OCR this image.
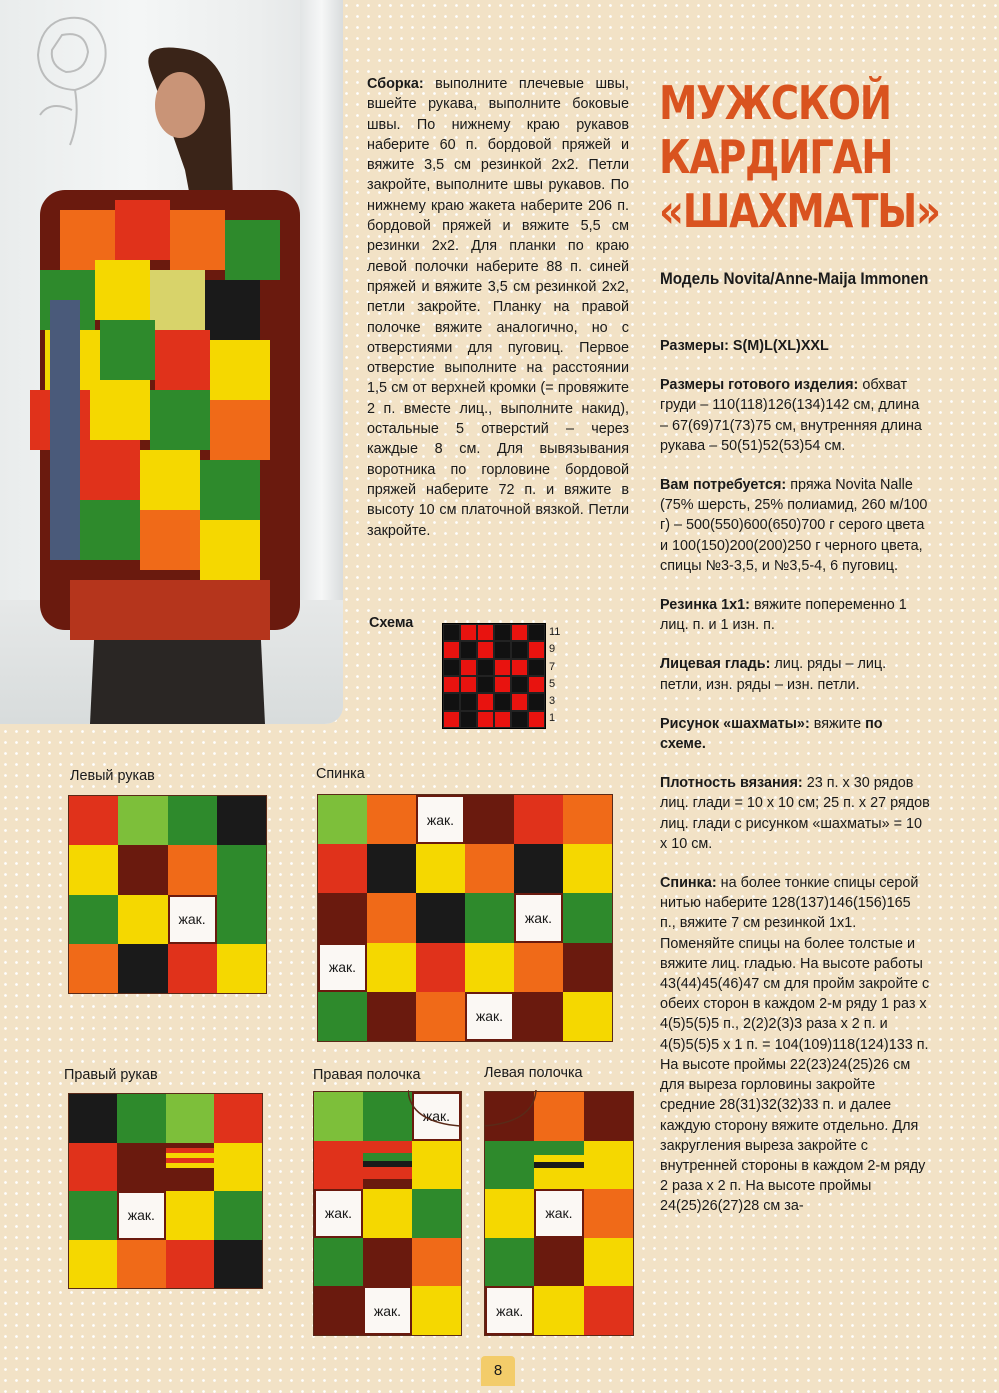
Сборка: выполните плечевые швы, вшейте рукава, выполните боковые швы. По нижнему краю рукавов наберите 60 п. бордовой пряжей и вяжите 3,5 см резинкой 2х2. Петли закройте, выполните швы рукавов. По нижнему краю жакета наберите 206 п. бордовой пряжей и вяжите 5,5 см резинки 2х2. Для планки по краю левой полочки наберите 88 п. синей пряжей и вяжите 3,5 см резинкой 2х2, петли закройте. Планку на правой полочке вяжите аналогично, но с отверстиями для пуговиц. Первое отверстие выполните на расстоянии 1,5 см от верхней кромки (= провяжите 2 п. вместе лиц., выполните накид), остальные 5 отверстий – через каждые 8 см. Для вывязывания воротника по горловине бордовой пряжей наберите 72 п. и вяжите в высоту 10 см платочной вязкой. Петли закройте.
МУЖСКОЙ
КАРДИГАН
«ШАХМАТЫ»
Модель Novita/Anne-Maija Immonen

Размеры: S(M)L(XL)XXL

Размеры готового изделия: обхват груди – 110(118)126(134)142 см, длина – 67(69)71(73)75 см, внутренняя длина рукава – 50(51)52(53)54 см.

Вам потребуется: пряжа Novita Nalle (75% шерсть, 25% полиамид, 260 м/100 г) – 500(550)600(650)700 г серого цвета и 100(150)200(200)250 г черного цвета, спицы №3-3,5, и №3,5-4, 6 пуговиц.

Резинка 1х1: вяжите попеременно 1 лиц. п. и 1 изн. п.

Лицевая гладь: лиц. ряды – лиц. петли, изн. ряды – изн. петли.

Рисунок «шахматы»: вяжите по схеме.

Плотность вязания: 23 п. х 30 рядов лиц. глади = 10 х 10 см; 25 п. х 27 рядов лиц. глади с рисунком «шахматы» = 10 х 10 см.

Спинка: на более тонкие спицы серой нитью наберите 128(137)146(156)165 п., вяжите 7 см резинкой 1х1. Поменяйте спицы на более толстые и вяжите лиц. гладью. На высоте работы 43(44)45(46)47 см для пройм закройте с обеих сторон в каждом 2-м ряду 1 раз х 4(5)5(5)5 п., 2(2)2(3)3 раза х 2 п. и 4(5)5(5)5 х 1 п. = 104(109)118(124)133 п. На высоте проймы 22(23)24(25)26 см для выреза горловины закройте средние 28(31)32(32)33 п. и далее каждую сторону вяжите отдельно. Для закругления выреза закройте с внутренней стороны в каждом 2-м ряду 2 раза х 2 п. На высоте проймы 24(25)26(27)28 см за-

Схема
11
9
7
5
3
1
Левый рукав	Спинка
Правый рукав	Правая полочка	Левая полочка
жак.
жак.
жак.
жак.
жак.
жак.
жак.
жак.
жак.
жак.
жак.
8
